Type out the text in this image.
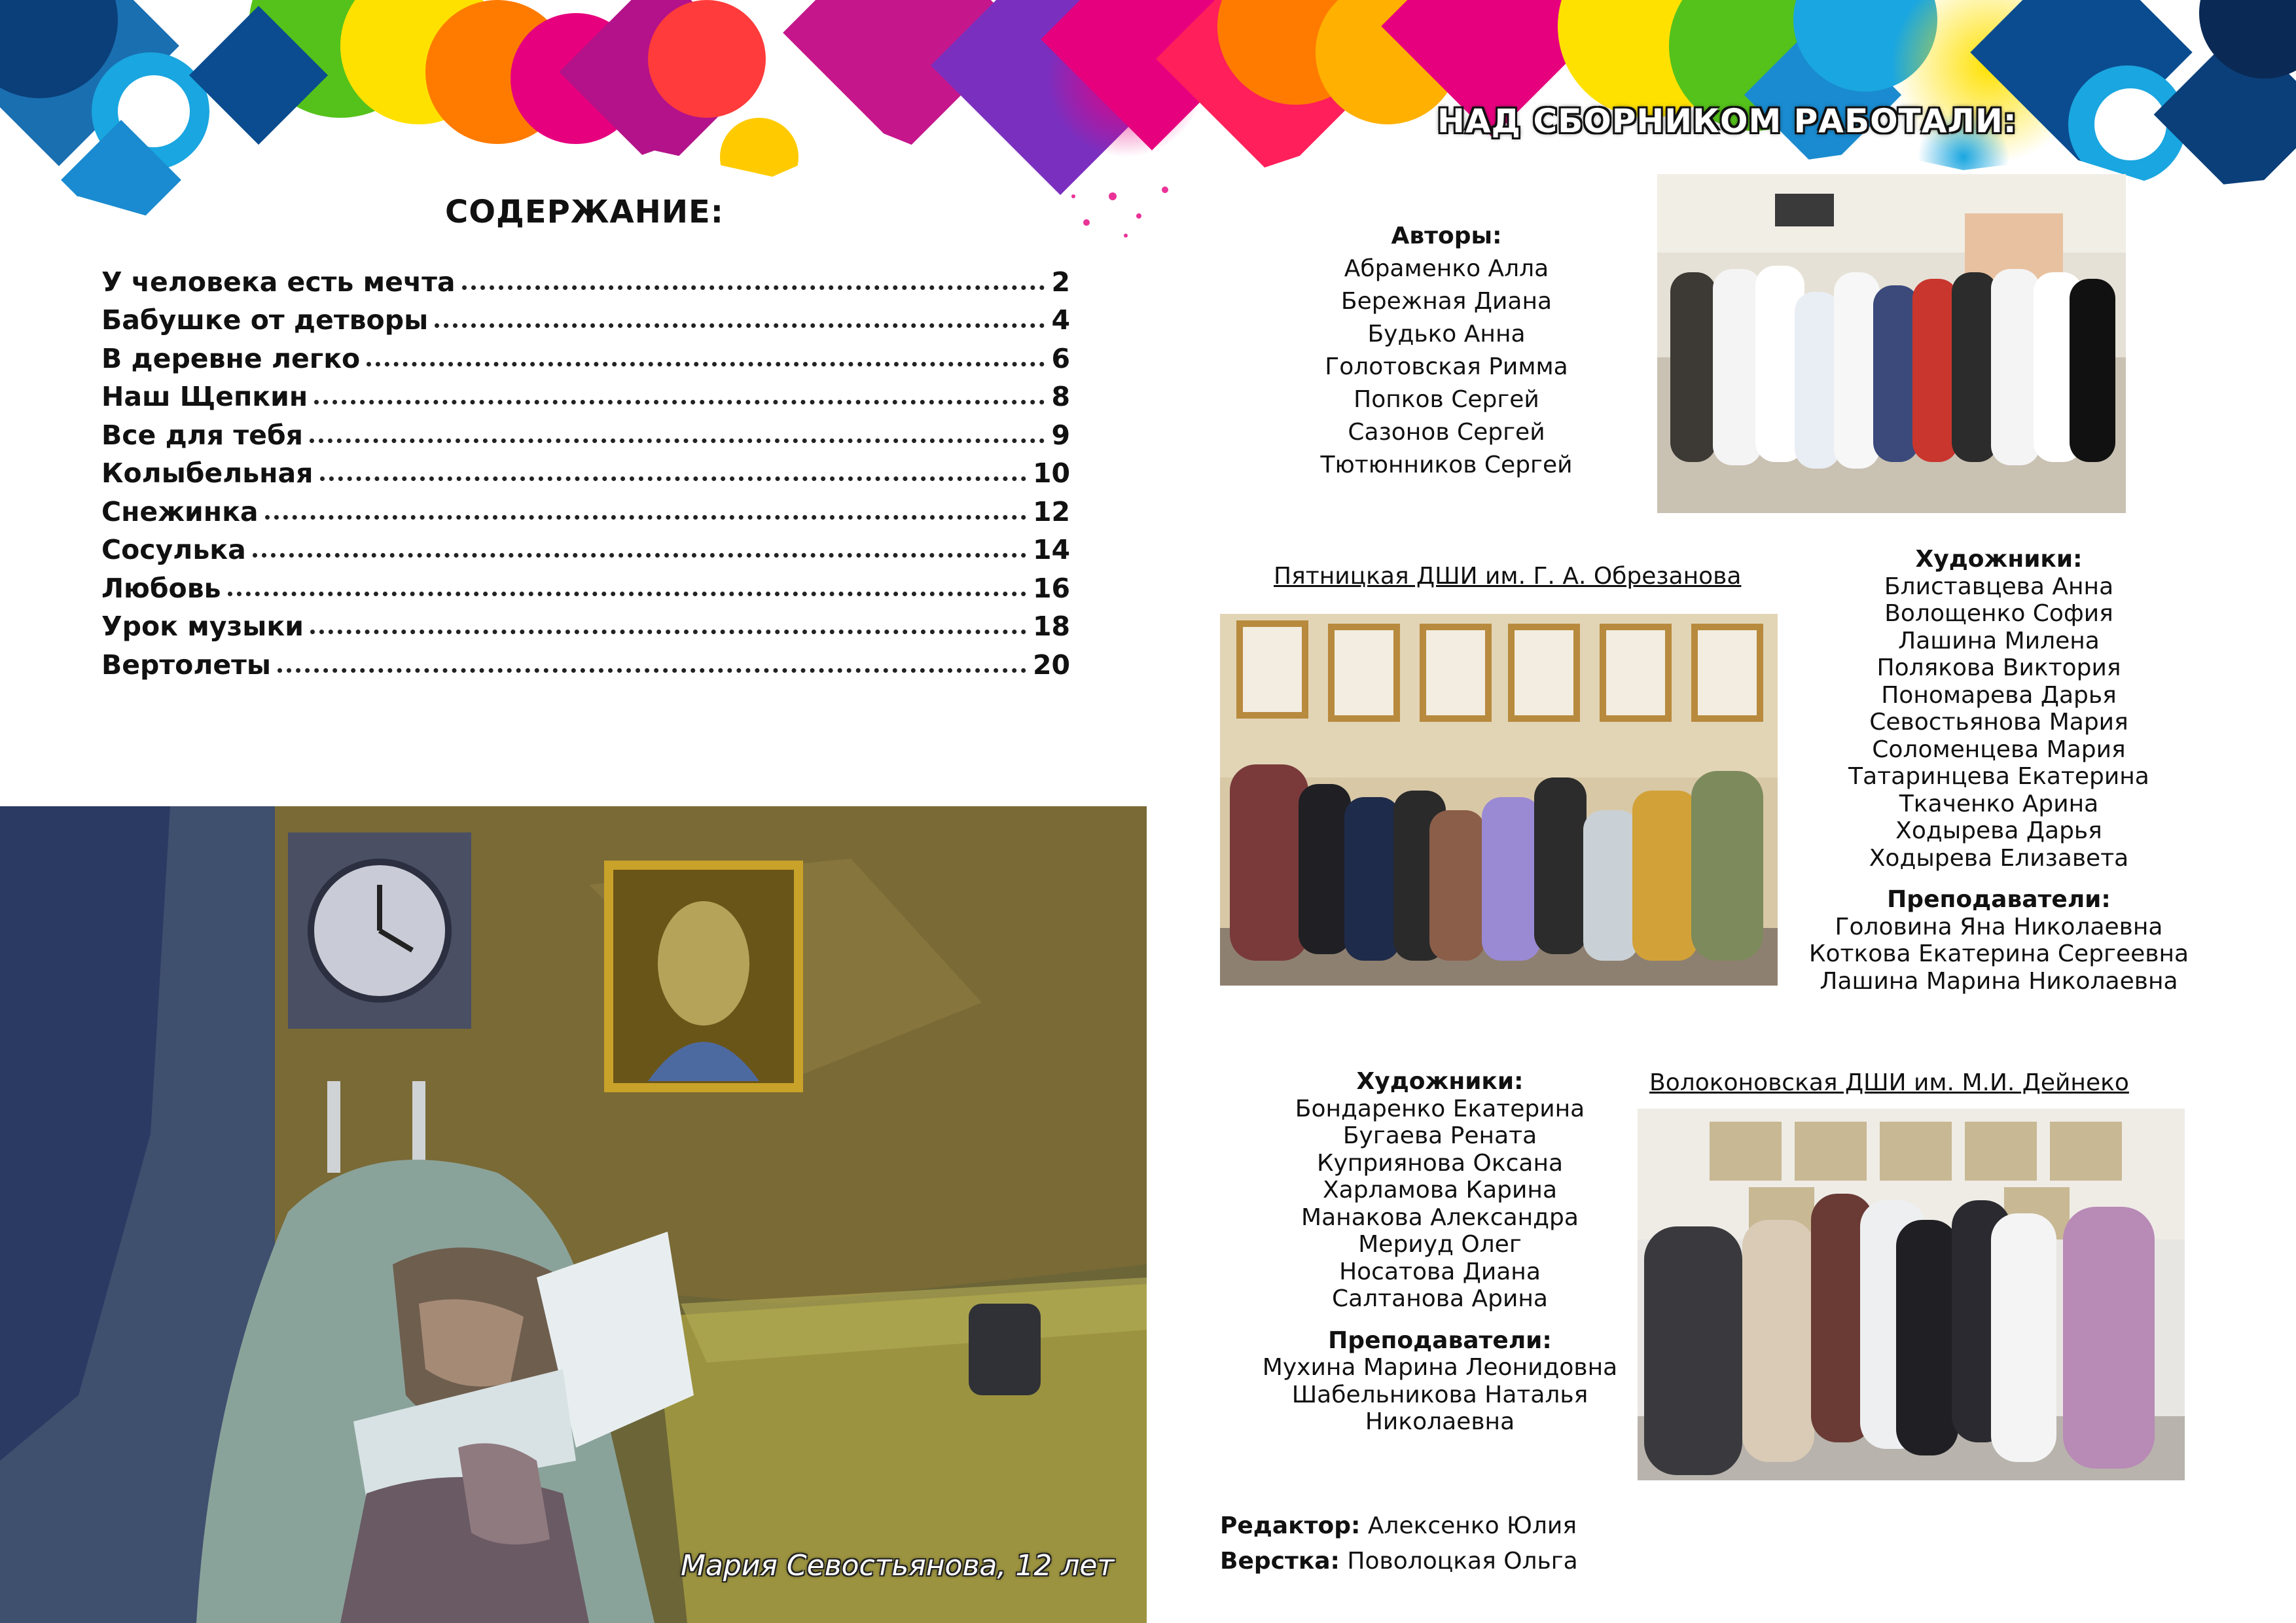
СОДЕРЖАНИЕ:
У человека есть мечта	2
Бабушке от детворы	4
В деревне легко	6
Наш Щепкин	8
Все для тебя	9
Колыбельная	10
Снежинка	12
Сосулька	14
Любовь	16
Урок музыки	18
Вертолеты	20
Мария Севостьянова, 12 лет
НАД СБОРНИКОМ РАБОТАЛИ:
Авторы:
Абраменко Алла
Бережная Диана
Будько Анна
Голотовская Римма
Попков Сергей
Сазонов Сергей
Тютюнников Сергей
Пятницкая ДШИ им. Г. А. Обрезанова
Художники:
Блиставцева Анна
Волощенко София
Лашина Милена
Полякова Виктория
Пономарева Дарья
Севостьянова Мария
Соломенцева Мария
Татаринцева Екатерина
Ткаченко Арина
Ходырева Дарья
Ходырева Елизавета
Преподаватели:
Головина Яна Николаевна
Коткова Екатерина Сергеевна
Лашина Марина Николаевна
Художники:
Бондаренко Екатерина
Бугаева Рената
Куприянова Оксана
Харламова Карина
Манакова Александра
Мериуд Олег
Носатова Диана
Салтанова Арина
Преподаватели:
Мухина Марина Леонидовна
Шабельникова Наталья
Николаевна
Волоконовская ДШИ им. М.И. Дейнеко
Редактор: Алексенко Юлия
Верстка: Поволоцкая Ольга
